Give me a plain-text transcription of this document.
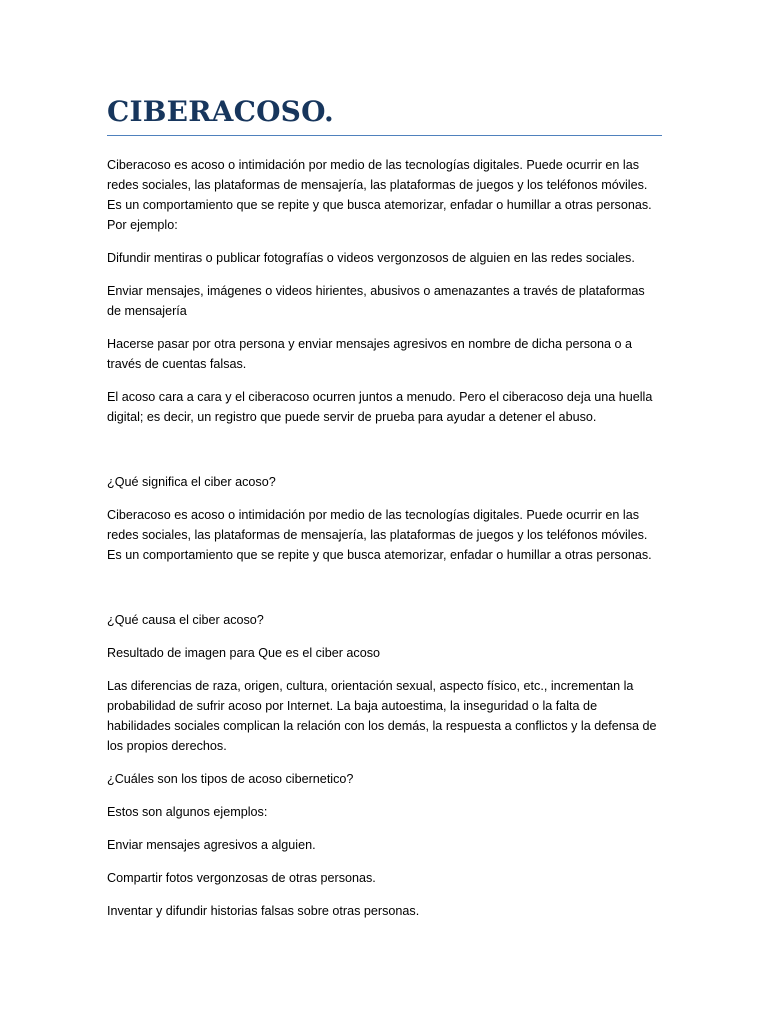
CIBERACOSO.

Ciberacoso es acoso o intimidación por medio de las tecnologías digitales. Puede ocurrir en las redes sociales, las plataformas de mensajería, las plataformas de juegos y los teléfonos móviles. Es un comportamiento que se repite y que busca atemorizar, enfadar o humillar a otras personas. Por ejemplo:

Difundir mentiras o publicar fotografías o videos vergonzosos de alguien en las redes sociales.

Enviar mensajes, imágenes o videos hirientes, abusivos o amenazantes a través de plataformas de mensajería

Hacerse pasar por otra persona y enviar mensajes agresivos en nombre de dicha persona o a través de cuentas falsas.

El acoso cara a cara y el ciberacoso ocurren juntos a menudo. Pero el ciberacoso deja una huella digital; es decir, un registro que puede servir de prueba para ayudar a detener el abuso.

¿Qué significa el ciber acoso?

Ciberacoso es acoso o intimidación por medio de las tecnologías digitales. Puede ocurrir en las redes sociales, las plataformas de mensajería, las plataformas de juegos y los teléfonos móviles. Es un comportamiento que se repite y que busca atemorizar, enfadar o humillar a otras personas.

¿Qué causa el ciber acoso?

Resultado de imagen para Que es el ciber acoso

Las diferencias de raza, origen, cultura, orientación sexual, aspecto físico, etc., incrementan la probabilidad de sufrir acoso por Internet. La baja autoestima, la inseguridad o la falta de habilidades sociales complican la relación con los demás, la respuesta a conflictos y la defensa de los propios derechos.

¿Cuáles son los tipos de acoso cibernetico?

Estos son algunos ejemplos:

Enviar mensajes agresivos a alguien.

Compartir fotos vergonzosas de otras personas.

Inventar y difundir historias falsas sobre otras personas.
